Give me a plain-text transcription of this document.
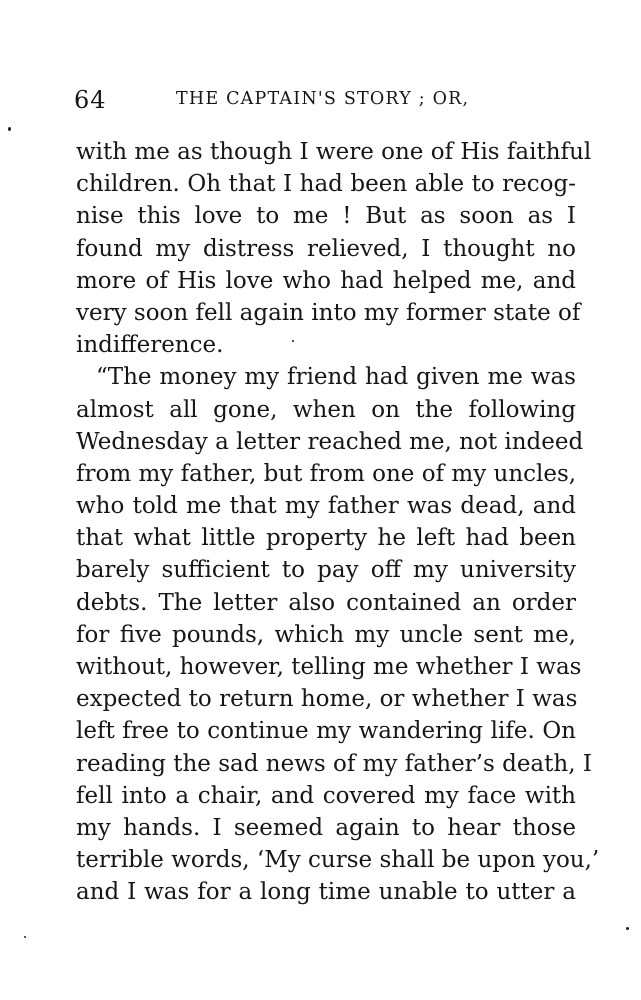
64	THE CAPTAIN'S STORY ; OR,
with me as though I were one of His faithful
children. Oh that I had been able to recog-
nise this love to me ! But as soon as I
found my distress relieved, I thought no
more of His love who had helped me, and
very soon fell again into my former state of
indifference.
“The money my friend had given me was
almost all gone, when on the following
Wednesday a letter reached me, not indeed
from my father, but from one of my uncles,
who told me that my father was dead, and
that what little property he left had been
barely sufficient to pay off my university
debts. The letter also contained an order
for five pounds, which my uncle sent me,
without, however, telling me whether I was
expected to return home, or whether I was
left free to continue my wandering life. On
reading the sad news of my father’s death, I
fell into a chair, and covered my face with
my hands. I seemed again to hear those
terrible words, ‘My curse shall be upon you,’
and I was for a long time unable to utter a
